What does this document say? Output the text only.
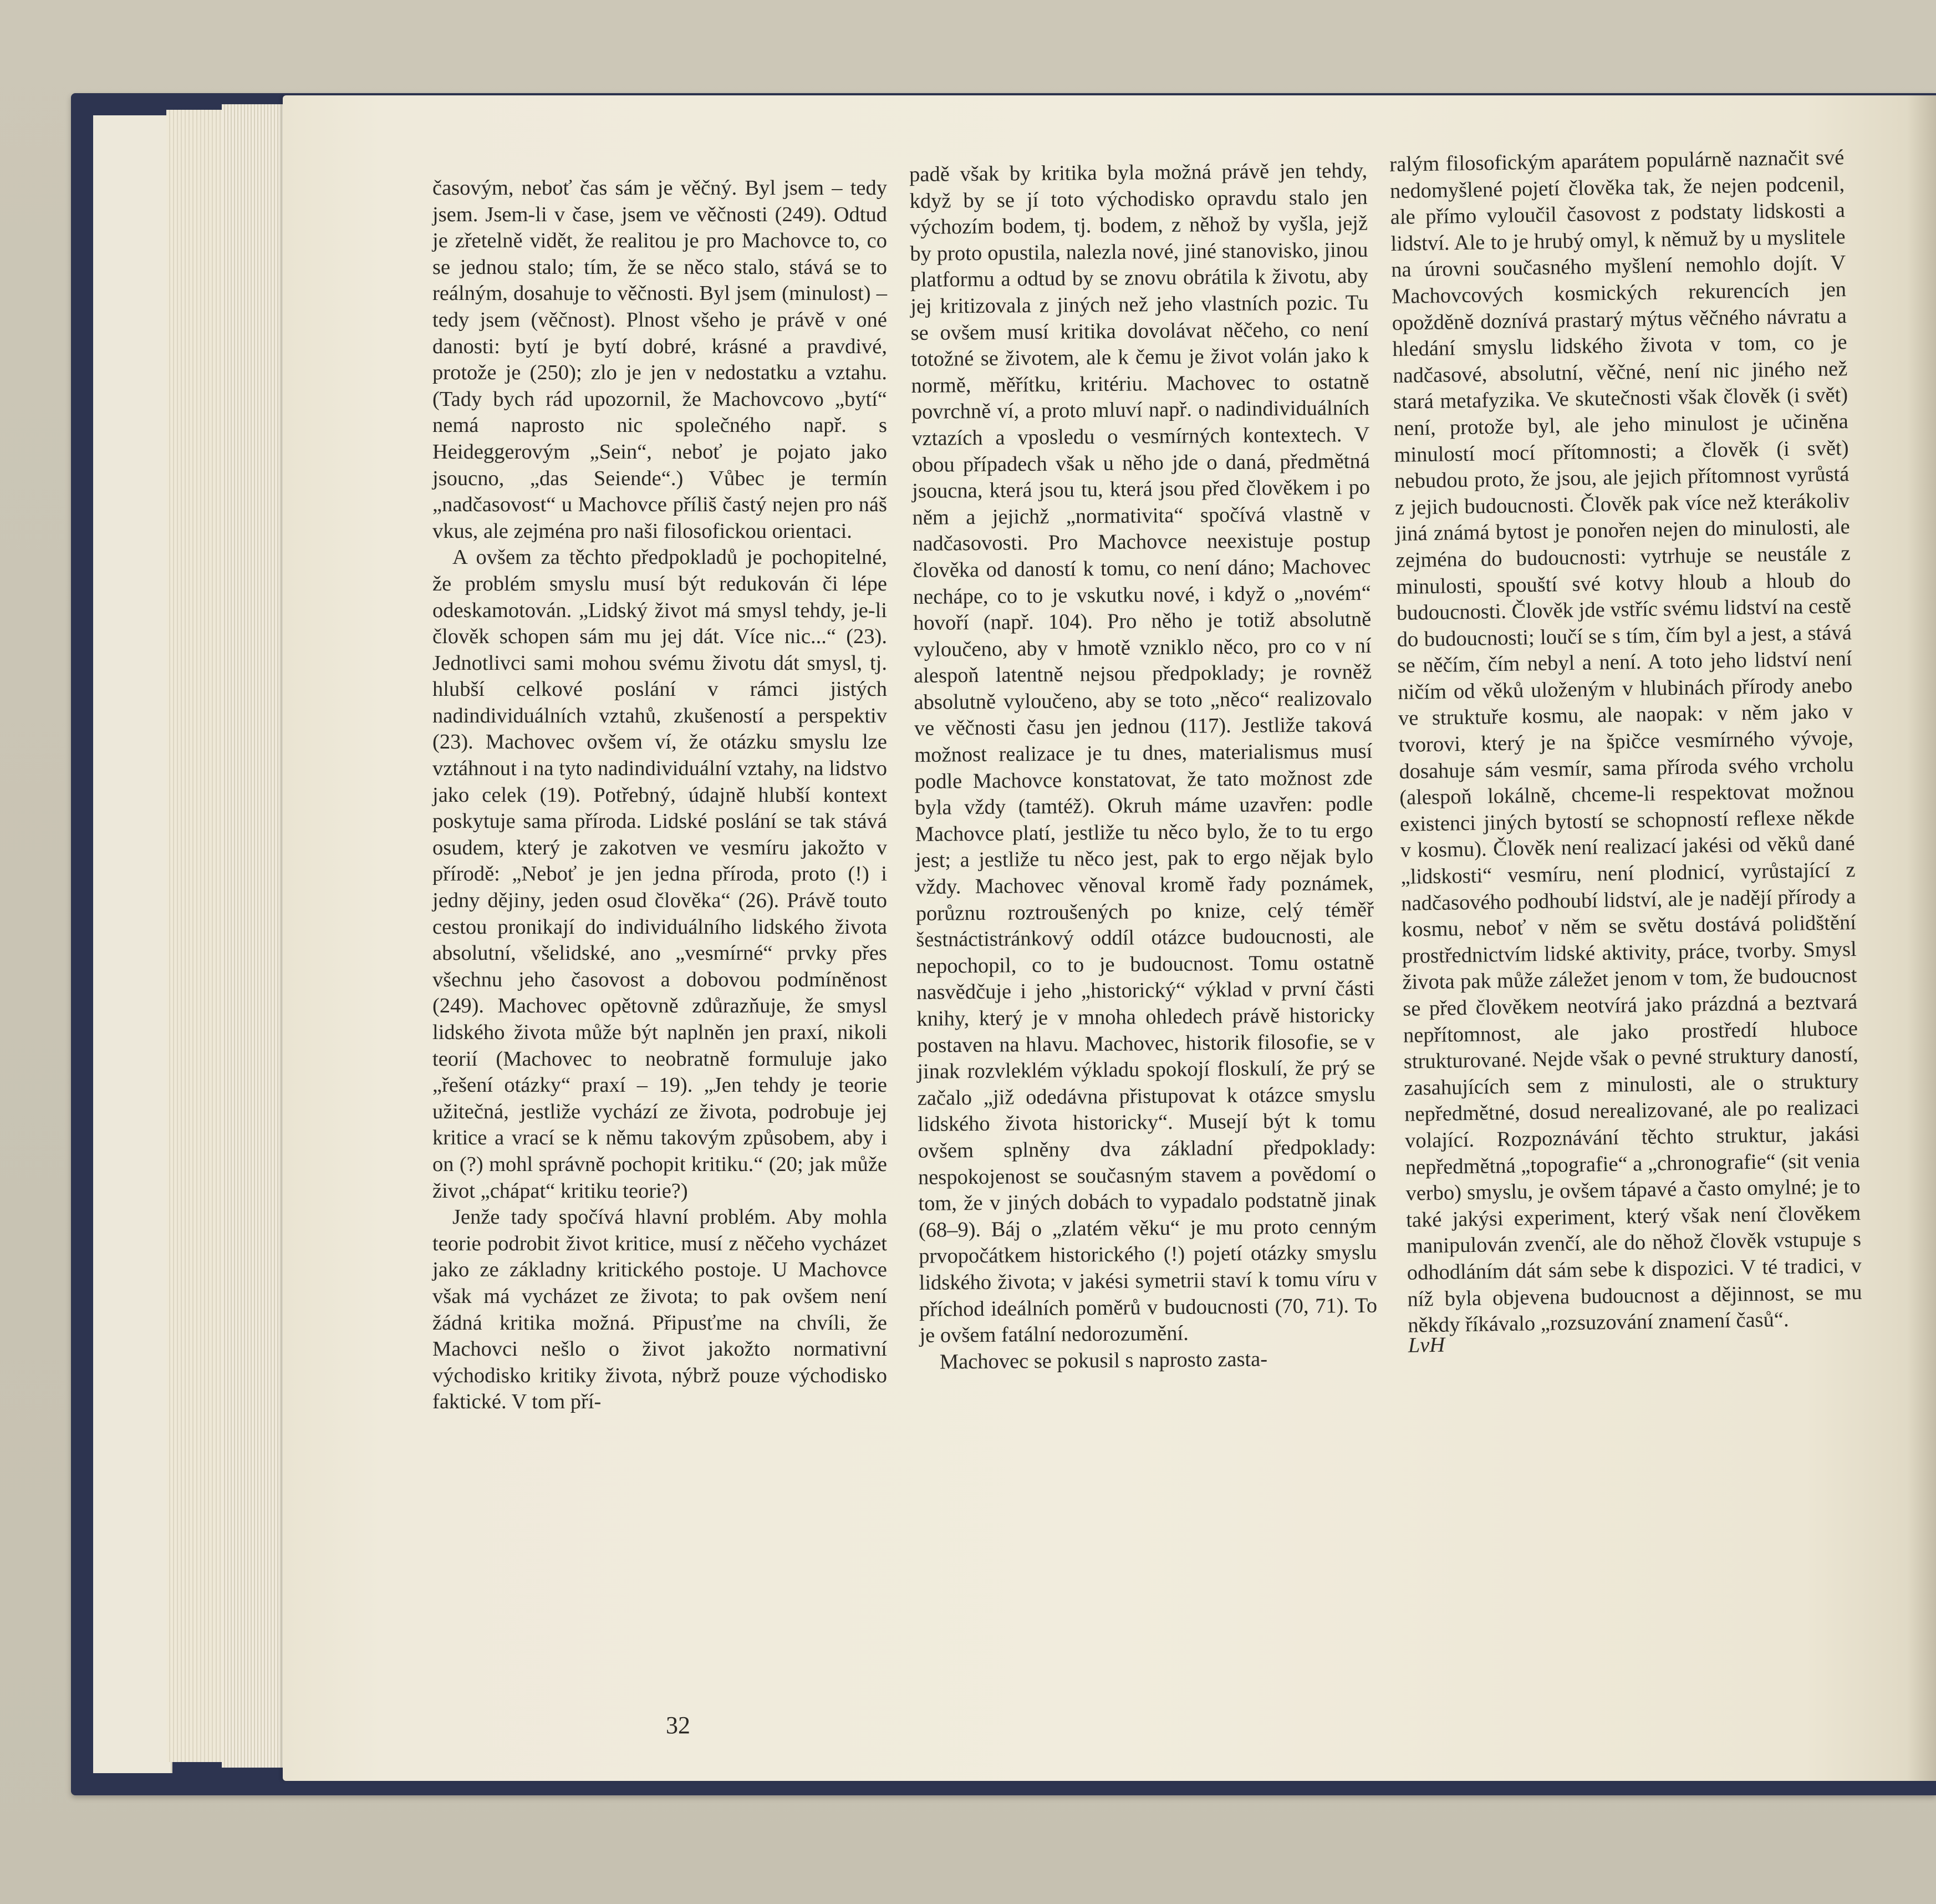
časovým, neboť čas sám je věčný. Byl jsem – tedy jsem. Jsem-li v čase, jsem ve věčnosti (249). Odtud je zřetelně vidět, že realitou je pro Machovce to, co se jednou stalo; tím, že se něco stalo, stává se to reálným, dosahuje to věčnosti. Byl jsem (minulost) – tedy jsem (věčnost). Plnost všeho je právě v oné danosti: bytí je bytí dobré, krásné a pravdivé, protože je (250); zlo je jen v nedostatku a vztahu. (Tady bych rád upozornil, že Machovcovo „bytí“ nemá naprosto nic společného např. s Heideggerovým „Sein“, neboť je pojato jako jsoucno, „das Seiende“.) Vůbec je termín „nadčasovost“ u Machovce příliš častý nejen pro náš vkus, ale zejména pro naši filosofickou orientaci.

A ovšem za těchto předpokladů je pochopitelné, že problém smyslu musí být redukován či lépe odeskamotován. „Lidský život má smysl tehdy, je-li člověk schopen sám mu jej dát. Více nic...“ (23). Jednotlivci sami mohou svému životu dát smysl, tj. hlubší celkové poslání v rámci jistých nadindividuálních vztahů, zkušeností a perspektiv (23). Machovec ovšem ví, že otázku smyslu lze vztáhnout i na tyto nadindividuální vztahy, na lidstvo jako celek (19). Potřebný, údajně hlubší kontext poskytuje sama příroda. Lidské poslání se tak stává osudem, který je zakotven ve vesmíru jakožto v přírodě: „Neboť je jen jedna příroda, proto (!) i jedny dějiny, jeden osud člověka“ (26). Právě touto cestou pronikají do individuálního lidského života absolutní, všelidské, ano „vesmírné“ prvky přes všechnu jeho časovost a dobovou podmíněnost (249). Machovec opětovně zdůrazňuje, že smysl lidského života může být naplněn jen praxí, nikoli teorií (Machovec to neobratně formuluje jako „řešení otázky“ praxí – 19). „Jen tehdy je teorie užitečná, jestliže vychází ze života, podrobuje jej kritice a vrací se k němu takovým způsobem, aby i on (?) mohl správně pochopit kritiku.“ (20; jak může život „chápat“ kritiku teorie?)

Jenže tady spočívá hlavní problém. Aby mohla teorie podrobit život kritice, musí z něčeho vycházet jako ze základny kritického postoje. U Machovce však má vycházet ze života; to pak ovšem není žádná kritika možná. Připusťme na chvíli, že Machovci nešlo o život jakožto normativní východisko kritiky života, nýbrž pouze východisko faktické. V tom pří-

padě však by kritika byla možná právě jen tehdy, když by se jí toto východisko opravdu stalo jen výchozím bodem, tj. bodem, z něhož by vyšla, jejž by proto opustila, nalezla nové, jiné stanovisko, jinou platformu a odtud by se znovu obrátila k životu, aby jej kritizovala z jiných než jeho vlastních pozic. Tu se ovšem musí kritika dovolávat něčeho, co není totožné se životem, ale k čemu je život volán jako k normě, měřítku, kritériu. Machovec to ostatně povrchně ví, a proto mluví např. o nadindividuálních vztazích a vposledu o vesmírných kontextech. V obou případech však u něho jde o daná, předmětná jsoucna, která jsou tu, která jsou před člověkem i po něm a jejichž „normativita“ spočívá vlastně v nadčasovosti. Pro Machovce neexistuje postup člověka od daností k tomu, co není dáno; Machovec nechápe, co to je vskutku nové, i když o „novém“ hovoří (např. 104). Pro něho je totiž absolutně vyloučeno, aby v hmotě vzniklo něco, pro co v ní alespoň latentně nejsou předpoklady; je rovněž absolutně vyloučeno, aby se toto „něco“ realizovalo ve věčnosti času jen jednou (117). Jestliže taková možnost realizace je tu dnes, materialismus musí podle Machovce konstatovat, že tato možnost zde byla vždy (tamtéž). Okruh máme uzavřen: podle Machovce platí, jestliže tu něco bylo, že to tu ergo jest; a jestliže tu něco jest, pak to ergo nějak bylo vždy. Machovec věnoval kromě řady poznámek, porůznu roztroušených po knize, celý téměř šestnáctistránkový oddíl otázce budoucnosti, ale nepochopil, co to je budoucnost. Tomu ostatně nasvědčuje i jeho „historický“ výklad v první části knihy, který je v mnoha ohledech právě historicky postaven na hlavu. Machovec, historik filosofie, se v jinak rozvleklém výkladu spokojí floskulí, že prý se začalo „již odedávna přistupovat k otázce smyslu lidského života historicky“. Musejí být k tomu ovšem splněny dva základní předpoklady: nespokojenost se současným stavem a povědomí o tom, že v jiných dobách to vypadalo podstatně jinak (68–9). Báj o „zlatém věku“ je mu proto cenným prvopočátkem historického (!) pojetí otázky smyslu lidského života; v jakési symetrii staví k tomu víru v příchod ideálních poměrů v budoucnosti (70, 71). To je ovšem fatální nedorozumění.

Machovec se pokusil s naprosto zasta-

ralým filosofickým aparátem populárně naznačit své nedomyšlené pojetí člověka tak, že nejen podcenil, ale přímo vyloučil časovost z podstaty lidskosti a lidství. Ale to je hrubý omyl, k němuž by u myslitele na úrovni současného myšlení nemohlo dojít. V Machovcových kosmických rekurencích jen opožděně doznívá prastarý mýtus věčného návratu a hledání smyslu lidského života v tom, co je nadčasové, absolutní, věčné, není nic jiného než stará metafyzika. Ve skutečnosti však člověk (i svět) není, protože byl, ale jeho minulost je učiněna minulostí mocí přítomnosti; a člověk (i svět) nebudou proto, že jsou, ale jejich přítomnost vyrůstá z jejich budoucnosti. Člověk pak více než kterákoliv jiná známá bytost je ponořen nejen do minulosti, ale zejména do budoucnosti: vytrhuje se neustále z minulosti, spouští své kotvy hloub a hloub do budoucnosti. Člověk jde vstříc svému lidství na cestě do budoucnosti; loučí se s tím, čím byl a jest, a stává se něčím, čím nebyl a není. A toto jeho lidství není ničím od věků uloženým v hlubinách přírody anebo ve struktuře kosmu, ale naopak: v něm jako v tvorovi, který je na špičce vesmírného vývoje, dosahuje sám vesmír, sama příroda svého vrcholu (alespoň lokálně, chceme-li respektovat možnou existenci jiných bytostí se schopností reflexe někde v kosmu). Člověk není realizací jakési od věků dané „lidskosti“ vesmíru, není plodnicí, vyrůstající z nadčasového podhoubí lidství, ale je nadějí přírody a kosmu, neboť v něm se světu dostává polidštění prostřednictvím lidské aktivity, práce, tvorby. Smysl života pak může záležet jenom v tom, že budoucnost se před člověkem neotvírá jako prázdná a beztvará nepřítomnost, ale jako prostředí hluboce strukturované. Nejde však o pevné struktury daností, zasahujících sem z minulosti, ale o struktury nepředmětné, dosud nerealizované, ale po realizaci volající. Rozpoznávání těchto struktur, jakási nepředmětná „topografie“ a „chronografie“ (sit venia verbo) smyslu, je ovšem tápavé a často omylné; je to také jakýsi experiment, který však není člověkem manipulován zvenčí, ale do něhož člověk vstupuje s odhodláním dát sám sebe k dispozici. V té tradici, v níž byla objevena budoucnost a dějinnost, se mu někdy říkávalo „rozsuzování znamení časů“.

LvH

32
